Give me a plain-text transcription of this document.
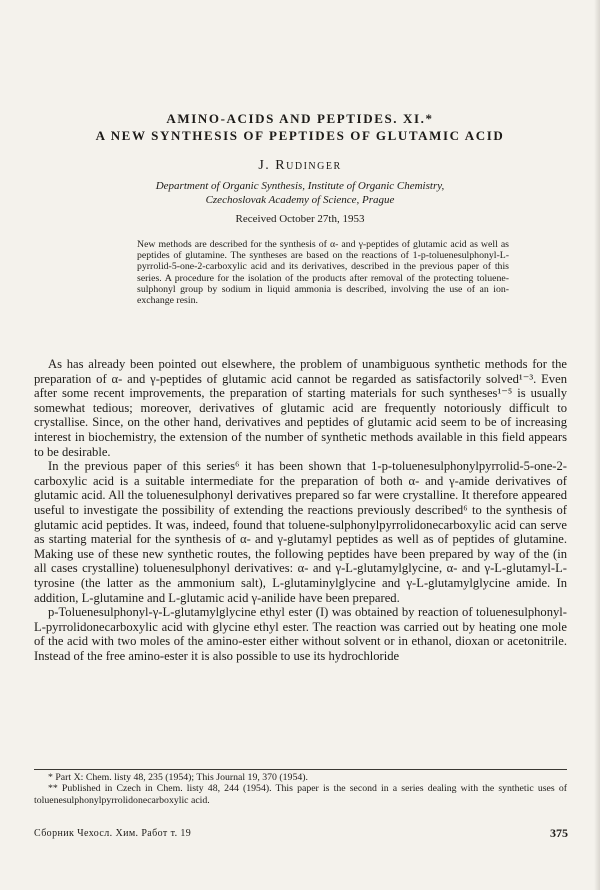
AMINO-ACIDS AND PEPTIDES. XI.*
A NEW SYNTHESIS OF PEPTIDES OF GLUTAMIC ACID
J. Rudinger
Department of Organic Synthesis, Institute of Organic Chemistry,
Czechoslovak Academy of Science, Prague
Received October 27th, 1953
New methods are described for the synthesis of α- and γ-peptides of glutamic acid as well as peptides of glutamine. The syntheses are based on the reactions of 1-p-toluenesulphonyl-L-pyrrolid-5-one-2-carboxylic acid and its derivatives, described in the previous paper of this series. A procedure for the isolation of the products after removal of the protecting toluene-sulphonyl group by sodium in liquid ammonia is described, involving the use of an ion-exchange resin.

As has already been pointed out elsewhere, the problem of unambiguous synthetic methods for the preparation of α- and γ-peptides of glutamic acid cannot be regarded as satisfactorily solved¹⁻³. Even after some recent improvements, the preparation of starting materials for such syntheses¹⁻⁵ is usually somewhat tedious; moreover, derivatives of glutamic acid are frequently notoriously difficult to crystallise. Since, on the other hand, derivatives and peptides of glutamic acid seem to be of increasing interest in biochemistry, the extension of the number of synthetic methods available in this field appears to be desirable.

In the previous paper of this series⁶ it has been shown that 1-p-toluenesulphonylpyrrolid-5-one-2-carboxylic acid is a suitable intermediate for the preparation of both α- and γ-amide derivatives of glutamic acid. All the toluenesulphonyl derivatives prepared so far were crystalline. It therefore appeared useful to investigate the possibility of extending the reactions previously described⁶ to the synthesis of glutamic acid peptides. It was, indeed, found that toluene-sulphonylpyrrolidonecarboxylic acid can serve as starting material for the synthesis of α- and γ-glutamyl peptides as well as of peptides of glutamine. Making use of these new synthetic routes, the following peptides have been prepared by way of the (in all cases crystalline) toluenesulphonyl derivatives: α- and γ-L-glutamylglycine, α- and γ-L-glutamyl-L-tyrosine (the latter as the ammonium salt), L-glutaminylglycine and γ-L-glutamylglycine amide. In addition, L-glutamine and L-glutamic acid γ-anilide have been prepared.

p-Toluenesulphonyl-γ-L-glutamylglycine ethyl ester (I) was obtained by reaction of toluenesulphonyl-L-pyrrolidonecarboxylic acid with glycine ethyl ester. The reaction was carried out by heating one mole of the acid with two moles of the amino-ester either without solvent or in ethanol, dioxan or acetonitrile. Instead of the free amino-ester it is also possible to use its hydrochloride

* Part X: Chem. listy 48, 235 (1954); This Journal 19, 370 (1954).

** Published in Czech in Chem. listy 48, 244 (1954). This paper is the second in a series dealing with the synthetic uses of toluenesulphonylpyrrolidonecarboxylic acid.

Сборник Чехосл. Хим. Работ т. 19	375
